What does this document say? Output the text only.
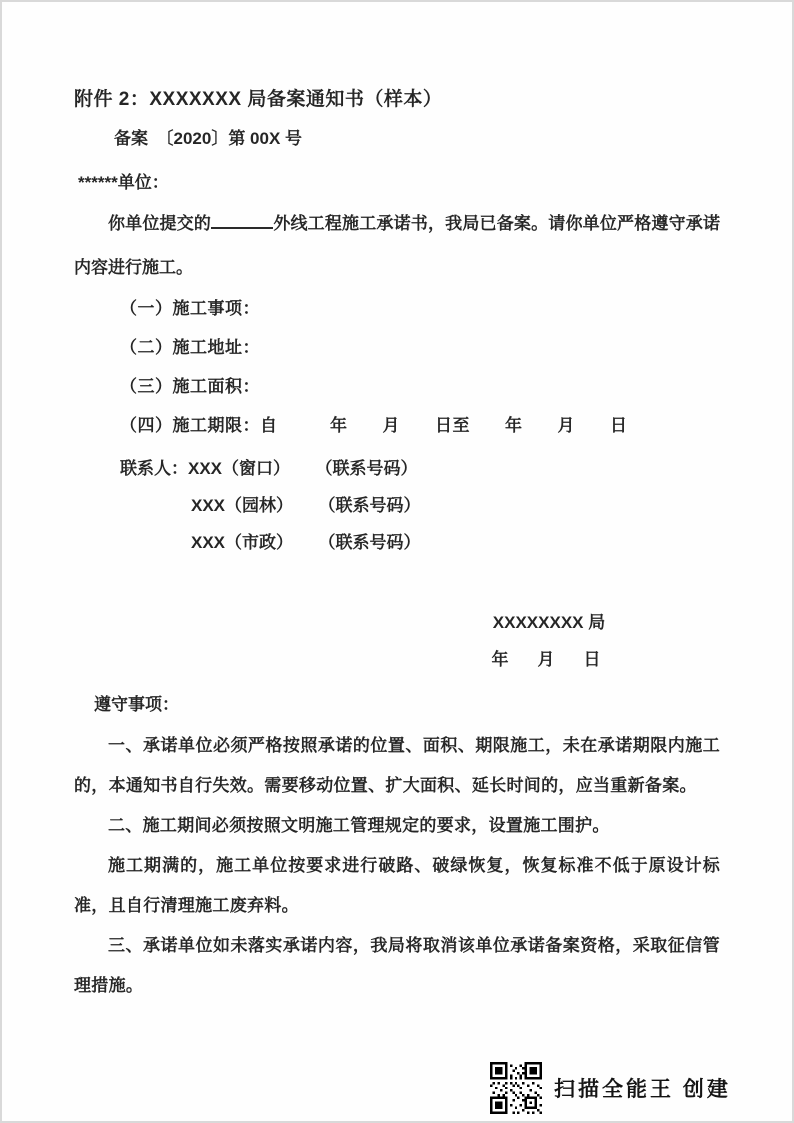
附件 2：XXXXXXX 局备案通知书（样本）
备案　〔2020〕第 00X 号
******单位：

你单位提交的	外线工程施工承诺书，我局已备案。请你单位严格遵守承诺内容进行施工。

（一）施工事项：
（二）施工地址：
（三）施工面积：
（四）施工期限：自　　　年　　月　　日至　　年　　月　　日
联系人：XXX（窗口） （联系号码）
XXX（园林） （联系号码）
XXX（市政） （联系号码）
XXXXXXXX 局
年　月　日
遵守事项：

一、承诺单位必须严格按照承诺的位置、面积、期限施工，未在承诺期限内施工的，本通知书自行失效。需要移动位置、扩大面积、延长时间的，应当重新备案。

二、施工期间必须按照文明施工管理规定的要求，设置施工围护。

施工期满的，施工单位按要求进行破路、破绿恢复，恢复标准不低于原设计标准，且自行清理施工废弃料。

三、承诺单位如未落实承诺内容，我局将取消该单位承诺备案资格，采取征信管理措施。

扫描全能王 创建
